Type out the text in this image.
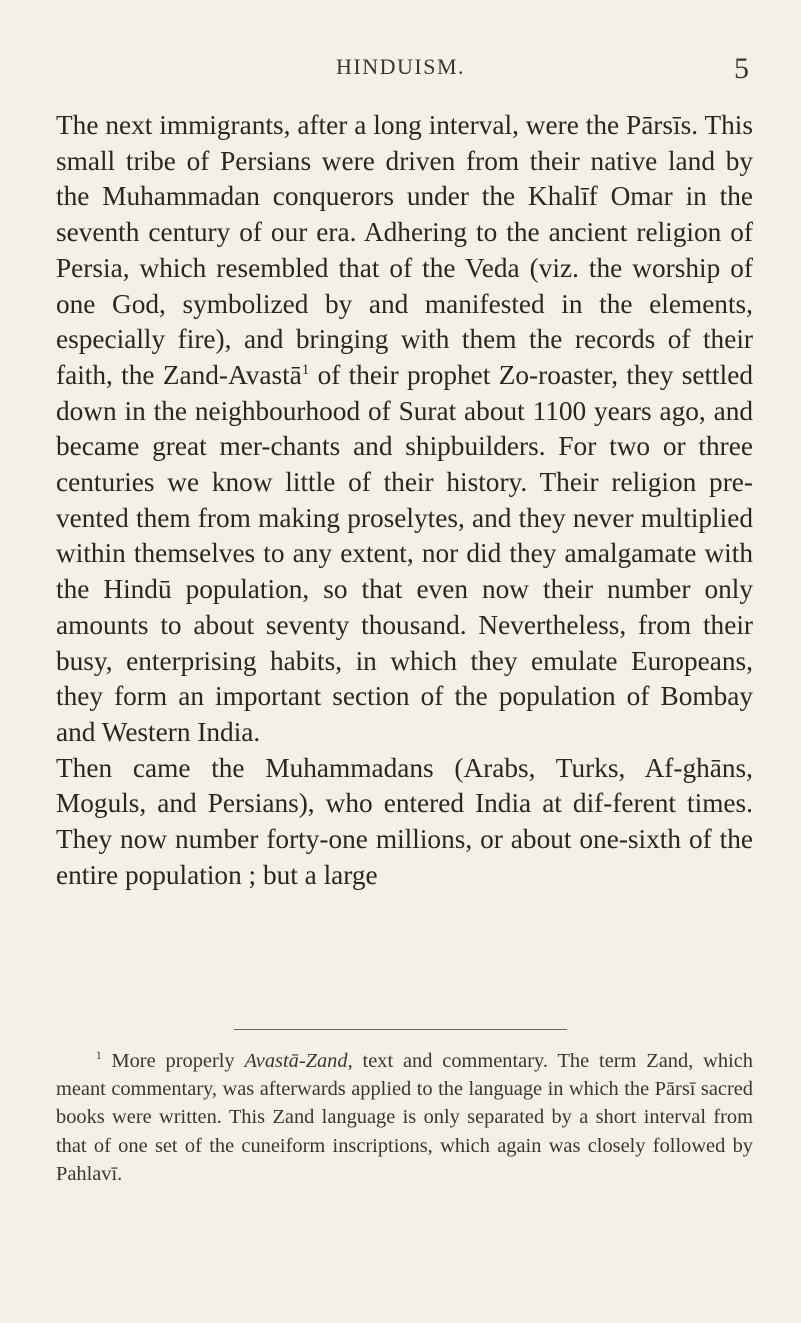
HINDUISM.	5

The next immigrants, after a long interval, were the Pārsīs. This small tribe of Persians were driven from their native land by the Muhammadan conquerors under the Khalīf Omar in the seventh century of our era. Adhering to the ancient religion of Persia, which resembled that of the Veda (viz. the worship of one God, symbolized by and manifested in the elements, especially fire), and bringing with them the records of their faith, the Zand-Avastā$^1$ of their prophet Zo-roaster, they settled down in the neighbourhood of Surat about 1100 years ago, and became great mer-chants and shipbuilders. For two or three centuries we know little of their history. Their religion pre-vented them from making proselytes, and they never multiplied within themselves to any extent, nor did they amalgamate with the Hindū population, so that even now their number only amounts to about seventy thousand. Nevertheless, from their busy, enterprising habits, in which they emulate Europeans, they form an important section of the population of Bombay and Western India.

Then came the Muhammadans (Arabs, Turks, Af-ghāns, Moguls, and Persians), who entered India at dif-ferent times. They now number forty-one millions, or about one-sixth of the entire population ; but a large

$^1$ More properly Avastā-Zand, text and commentary. The term Zand, which meant commentary, was afterwards applied to the language in which the Pārsī sacred books were written. This Zand language is only separated by a short interval from that of one set of the cuneiform inscriptions, which again was closely followed by Pahlavī.
